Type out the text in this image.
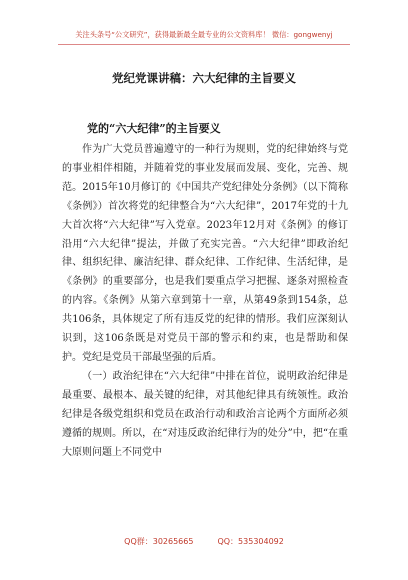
关注头条号“公文研究”，获得最新最全最专业的公文资料库！ 微信：gongwenyj
党纪党课讲稿：六大纪律的主旨要义
党的“六大纪律”的主旨要义

作为广大党员普遍遵守的一种行为规则，党的纪律始终与党的事业相伴相随，并随着党的事业发展而发展、变化，完善、规范。2015年10月修订的《中国共产党纪律处分条例》（以下简称《条例》）首次将党的纪律整合为“六大纪律”，2017年党的十九大首次将“六大纪律”写入党章。2023年12月对《条例》的修订沿用“六大纪律”提法，并做了充实完善。“六大纪律”即政治纪律、组织纪律、廉洁纪律、群众纪律、工作纪律、生活纪律，是《条例》的重要部分，也是我们要重点学习把握、逐条对照检查的内容。《条例》从第六章到第十一章，从第49条到154条，总共106条，具体规定了所有违反党的纪律的情形。我们应深刻认识到，这106条既是对党员干部的警示和约束，也是帮助和保护。党纪是党员干部最坚强的后盾。

（一）政治纪律在“六大纪律”中排在首位，说明政治纪律是最重要、最根本、最关键的纪律，对其他纪律具有统领性。政治纪律是各级党组织和党员在政治行动和政治言论两个方面所必须遵循的规则。所以，在“对违反政治纪律行为的处分”中，把“在重大原则问题上不同党中

QQ群：30265665	QQ：535304092
